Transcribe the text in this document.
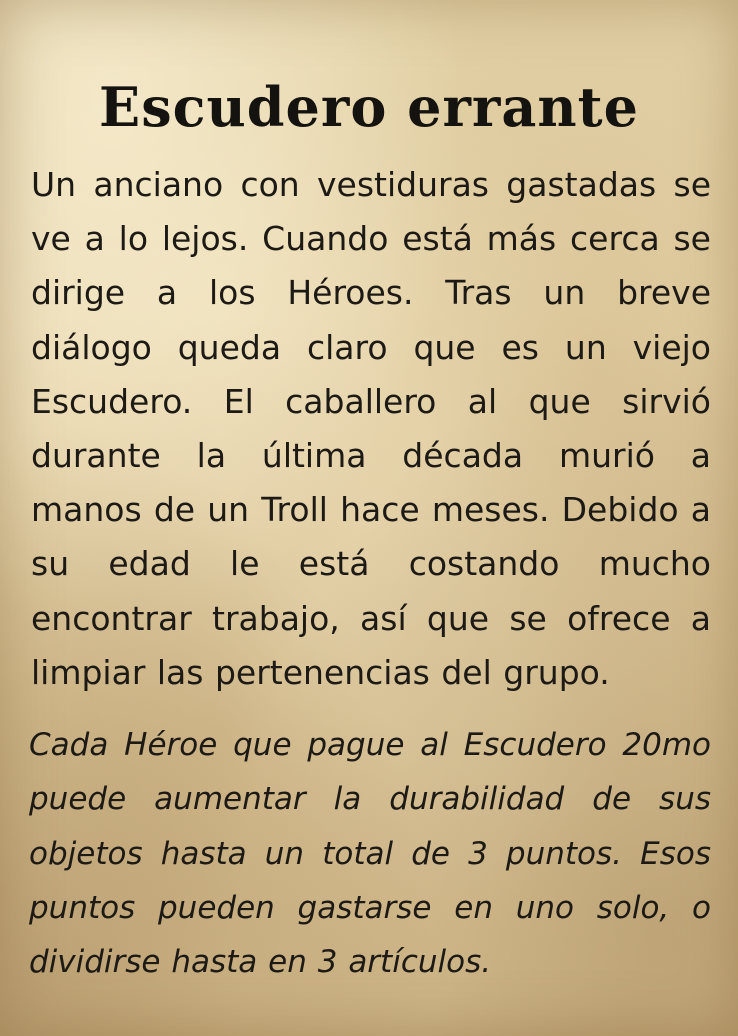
Escudero errante

Un anciano con vestiduras gastadas se ve a lo lejos. Cuando está más cerca se dirige a los Héroes. Tras un breve diálogo queda claro que es un viejo Escudero. El caballero al que sirvió durante la última década murió a manos de un Troll hace meses. Debido a su edad le está costando mucho encontrar trabajo, así que se ofrece a limpiar las pertenencias del grupo.

Cada Héroe que pague al Escudero 20mo puede aumentar la durabilidad de sus objetos hasta un total de 3 puntos. Esos puntos pueden gastarse en uno solo, o dividirse hasta en 3 artículos.
